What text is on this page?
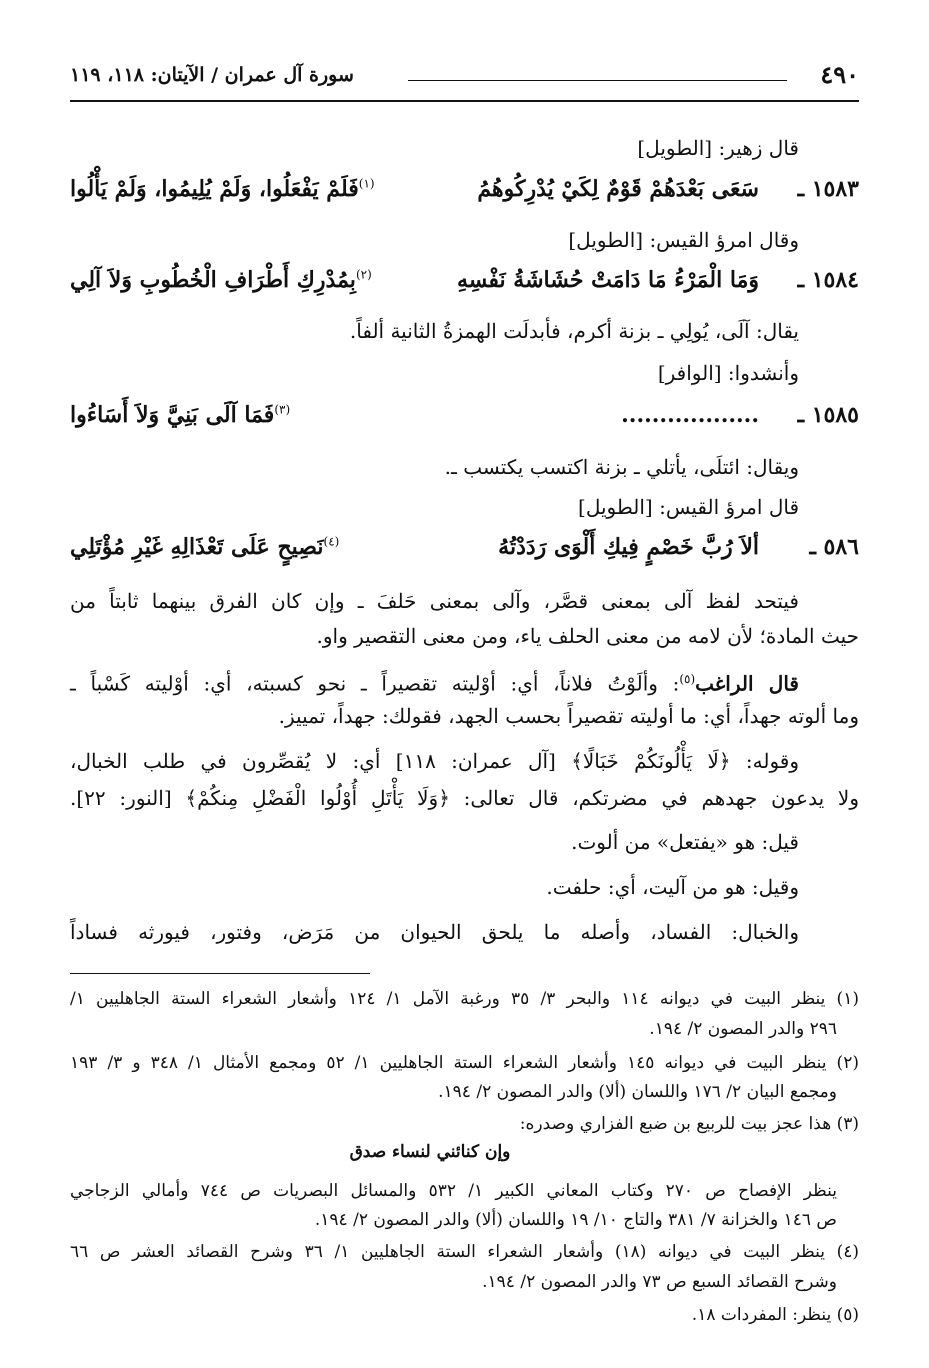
٤٩٠
سورة آل عمران / الآيتان: ١١٨، ١١٩
قال زهير: [الطويل]
١٥٨٣ ـ
سَعَى بَعْدَهُمْ قَوْمٌ لِكَيْ يُدْرِكُوهُمُ
$^{(١)}$فَلَمْ يَفْعَلُوا، وَلَمْ يُلِيمُوا، وَلَمْ يَأْلُوا
وقال امرؤ القيس: [الطويل]
١٥٨٤ ـ
وَمَا الْمَرْءُ مَا دَامَتْ حُشَاشَةُ نَفْسِهِ
$^{(٢)}$بِمُدْرِكِ أَطْرَافِ الْخُطُوبِ وَلاَ آلِي
يقال: آلَى، يُولِي ـ بزنة أكرم، فأبدلَت الهمزةُ الثانية ألفاً.
وأنشدوا: [الوافر]
١٥٨٥ ـ
..................
$^{(٣)}$فَمَا آلَى بَنِيَّ وَلاَ أَسَاءُوا
ويقال: ائتلَى، يأتلي ـ بزنة اكتسب يكتسب ـ.
قال امرؤ القيس: [الطويل]
٥٨٦ ـ
ألاَ رُبَّ خَصْمٍ فِيكِ أَلْوَى رَدَدْتُهُ
$^{(٤)}$نَصِيحٍ عَلَى تَعْذَالِهِ غَيْرِ مُؤْتَلِي
فيتحد لفظ آلى بمعنى قصَّر، وآلى بمعنى حَلفَ ـ وإن كان الفرق بينهما ثابتاً من
حيث المادة؛ لأن لامه من معنى الحلف ياء، ومن معنى التقصير واو.
قال الراغب$^{(٥)}$: وألَوْتُ فلاناً، أي: أوْليته تقصيراً ـ نحو كسبته، أي: أوْليته كَسْباً ـ
وما ألوته جهداً، أي: ما أوليته تقصيراً بحسب الجهد، فقولك: جهداً، تمييز.
وقوله: ﴿لَا يَأْلُونَكُمْ خَبَالًا﴾ [آل عمران: ١١٨] أي: لا يُقصِّرون في طلب الخبال،
ولا يدعون جهدهم في مضرتكم، قال تعالى: ﴿وَلَا يَأْتَلِ أُوْلُوا الْفَضْلِ مِنكُمْ﴾ [النور: ٢٢].
قيل: هو «يفتعل» من ألوت.
وقيل: هو من آليت، أي: حلفت.
والخبال: الفساد، وأصله ما يلحق الحيوان من مَرَض، وفتور، فيورثه فساداً
(١) ينظر البيت في ديوانه ١١٤ والبحر ٣/ ٣٥ ورغبة الآمل ١/ ١٢٤ وأشعار الشعراء الستة الجاهليين ١/
٢٩٦ والدر المصون ٢/ ١٩٤.
(٢) ينظر البيت في ديوانه ١٤٥ وأشعار الشعراء الستة الجاهليين ١/ ٥٢ ومجمع الأمثال ١/ ٣٤٨ و ٣/ ١٩٣
ومجمع البيان ٢/ ١٧٦ واللسان (ألا) والدر المصون ٢/ ١٩٤.
(٣) هذا عجز بيت للربيع بن ضبع الفزاري وصدره:
وإن كنائني لنساء صدق
ينظر الإفصاح ص ٢٧٠ وكتاب المعاني الكبير ١/ ٥٣٢ والمسائل البصريات ص ٧٤٤ وأمالي الزجاجي
ص ١٤٦ والخزانة ٧/ ٣٨١ والتاج ١٠/ ١٩ واللسان (ألا) والدر المصون ٢/ ١٩٤.
(٤) ينظر البيت في ديوانه (١٨) وأشعار الشعراء الستة الجاهليين ١/ ٣٦ وشرح القصائد العشر ص ٦٦
وشرح القصائد السبع ص ٧٣ والدر المصون ٢/ ١٩٤.
(٥) ينظر: المفردات ١٨.
